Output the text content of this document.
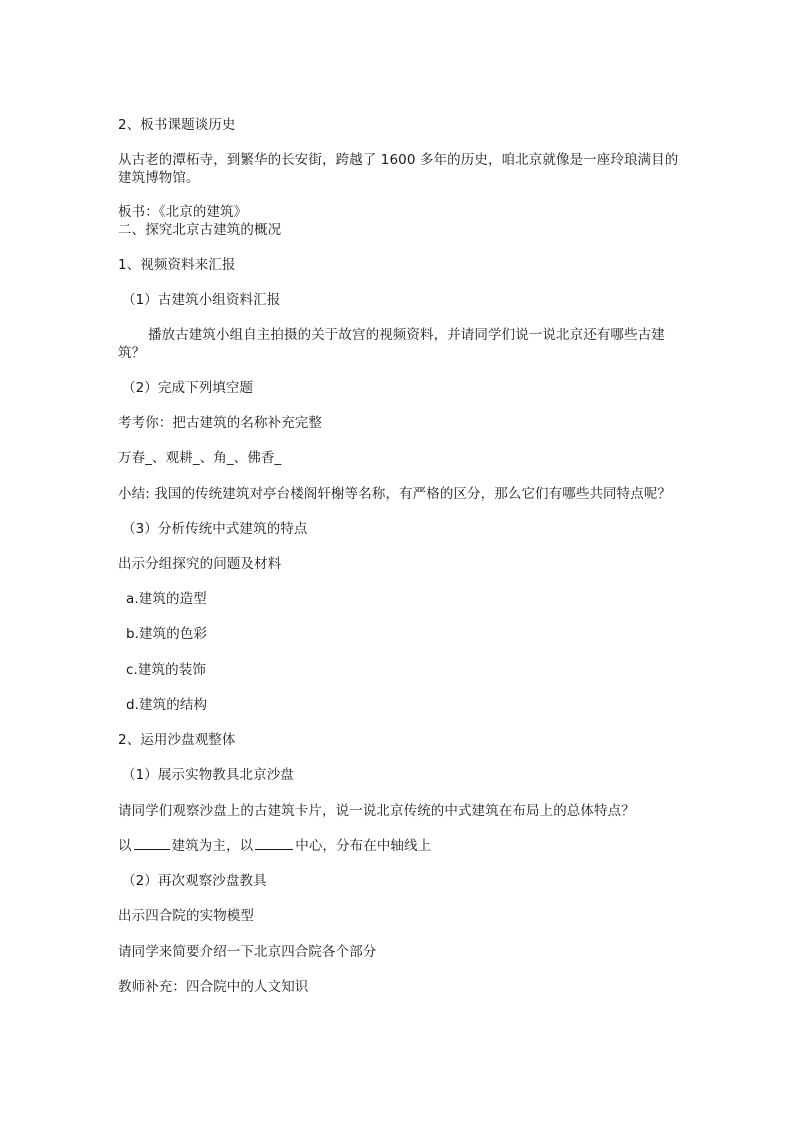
2、板书课题谈历史
从古老的潭柘寺，到繁华的长安街，跨越了 1600 多年的历史，咱北京就像是一座玲琅满目的建筑博物馆。
板书：《北京的建筑》
二、探究北京古建筑的概况
1、视频资料来汇报
（1）古建筑小组资料汇报
播放古建筑小组自主拍摄的关于故宫的视频资料，并请同学们说一说北京还有哪些古建筑？
（2）完成下列填空题
考考你：把古建筑的名称补充完整
万春_、观耕_、角_、佛香_
小结: 我国的传统建筑对亭台楼阁轩榭等名称，有严格的区分，那么它们有哪些共同特点呢？
（3）分析传统中式建筑的特点
出示分组探究的问题及材料
a.建筑的造型
b.建筑的色彩
c.建筑的装饰
d.建筑的结构
2、运用沙盘观整体
（1）展示实物教具北京沙盘
请同学们观察沙盘上的古建筑卡片，说一说北京传统的中式建筑在布局上的总体特点？
以	建筑为主，以	中心，分布在中轴线上
（2）再次观察沙盘教具
出示四合院的实物模型
请同学来简要介绍一下北京四合院各个部分
教师补充：四合院中的人文知识
